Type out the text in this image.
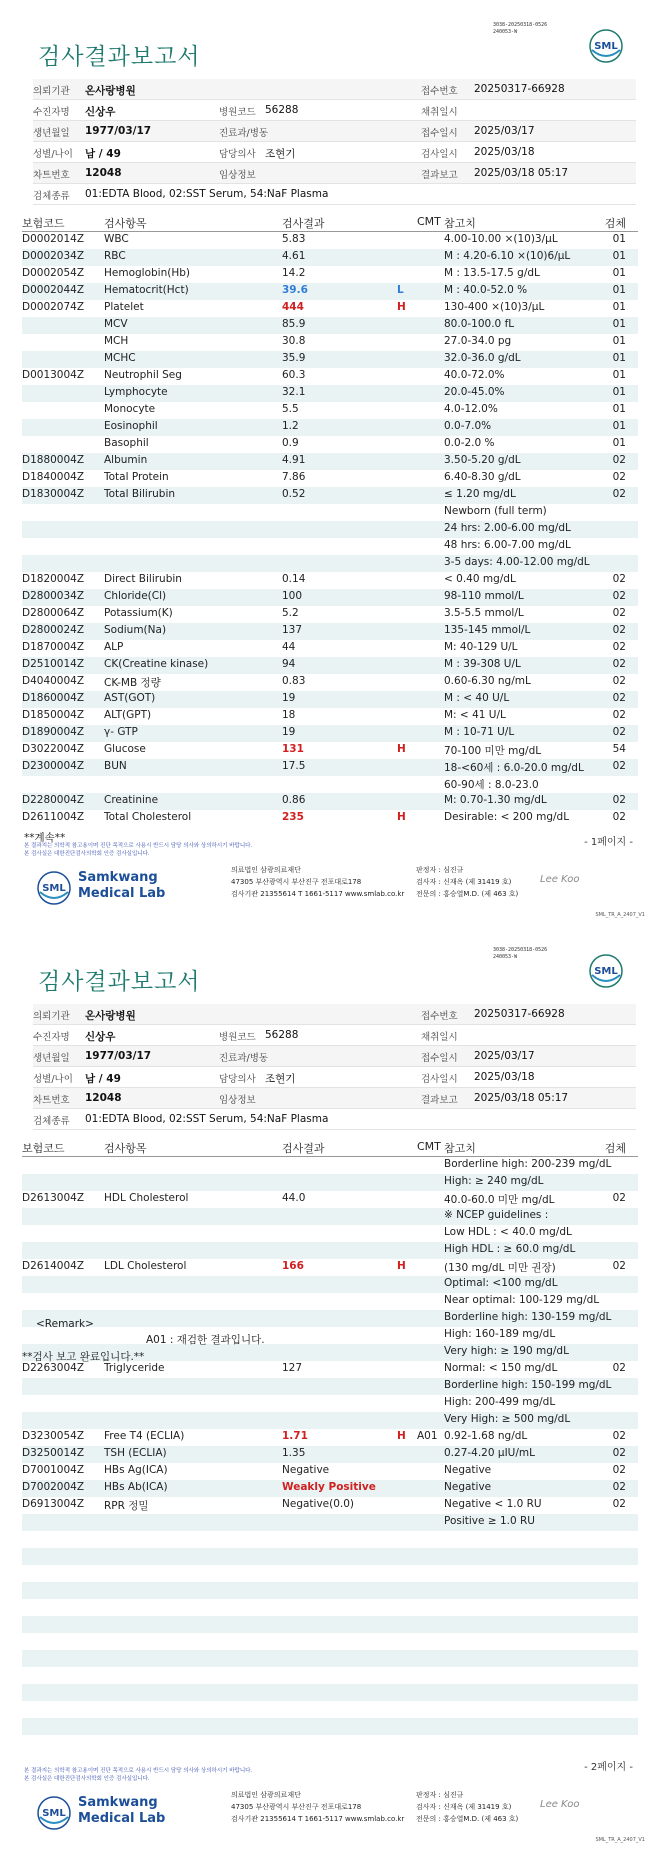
검사결과보고서
3038-20250318-0526
240053-W
SML
의뢰기관 온사랑병원	접수번호 20250317-66928
수진자명 신상우	병원코드 56288	채취일시
생년월일 1977/03/17	진료과/병동	접수일시 2025/03/17
성별/나이 남 / 49	담당의사 조현기	검사일시 2025/03/18
차트번호 12048	임상정보	결과보고 2025/03/18 05:17
검체종류 01:EDTA Blood, 02:SST Serum, 54:NaF Plasma
보험코드	검사항목	검사결과	CMT 참고치	검체
D0002014Z WBC	5.83	4.00-10.00 ×(10)3/μL	01
D0002034Z RBC	4.61	M : 4.20-6.10 ×(10)6/μL	01
D0002054Z Hemoglobin(Hb)	14.2	M : 13.5-17.5 g/dL	01
D0002044Z Hematocrit(Hct)	39.6	L	M : 40.0-52.0 %	01
D0002074Z Platelet	444	H	130-400 ×(10)3/μL	01
MCV	85.9	80.0-100.0 fL	01
MCH	30.8	27.0-34.0 pg	01
MCHC	35.9	32.0-36.0 g/dL	01
D0013004Z Neutrophil Seg	60.3	40.0-72.0%	01
Lymphocyte	32.1	20.0-45.0%	01
Monocyte	5.5	4.0-12.0%	01
Eosinophil	1.2	0.0-7.0%	01
Basophil	0.9	0.0-2.0 %	01
D1880004Z Albumin	4.91	3.50-5.20 g/dL	02
D1840004Z Total Protein	7.86	6.40-8.30 g/dL	02
D1830004Z Total Bilirubin	0.52	≤ 1.20 mg/dL	02
Newborn (full term)
24 hrs: 2.00-6.00 mg/dL
48 hrs: 6.00-7.00 mg/dL
3-5 days: 4.00-12.00 mg/dL
D1820004Z Direct Bilirubin	0.14	< 0.40 mg/dL	02
D2800034Z Chloride(Cl)	100	98-110 mmol/L	02
D2800064Z Potassium(K)	5.2	3.5-5.5 mmol/L	02
D2800024Z Sodium(Na)	137	135-145 mmol/L	02
D1870004Z ALP	44	M: 40-129 U/L	02
D2510014Z CK(Creatine kinase)	94	M : 39-308 U/L	02
D4040004Z CK-MB 정량	0.83	0.60-6.30 ng/mL	02
D1860004Z AST(GOT)	19	M : < 40 U/L	02
D1850004Z ALT(GPT)	18	M: < 41 U/L	02
D1890004Z γ- GTP	19	M : 10-71 U/L	02
D3022004Z Glucose	131	H	70-100 미만 mg/dL	54
D2300004Z BUN	17.5	18-<60세 : 6.0-20.0 mg/dL	02
60-90세 : 8.0-23.0
D2280004Z Creatinine	0.86	M: 0.70-1.30 mg/dL	02
D2611004Z Total Cholesterol	235	H	Desirable: < 200 mg/dL	02
**계속**	- 1페이지 -
본 결과지는 의학적 참고용이며 진단 목적으로 사용시 반드시 담당 의사와 상의하시기 바랍니다.
본 검사실은 대한진단검사의학회 인증 검사실입니다.
SML
Samkwang
Medical Lab
의료법인 삼광의료재단
47305 부산광역시 부산진구 전포대로178
검사기관 21355614 T 1661-5117 www.smlab.co.kr
판정자 : 심진규
검사자 : 신재옥 (제 31419 호)
전문의 : 홍승열M.D. (제 463 호)
Lee Koo
SML_TR_A_2407_V1
검사결과보고서
3038-20250318-0526
240053-W
SML
의뢰기관 온사랑병원	접수번호 20250317-66928
수진자명 신상우	병원코드 56288	채취일시
생년월일 1977/03/17	진료과/병동	접수일시 2025/03/17
성별/나이 남 / 49	담당의사 조현기	검사일시 2025/03/18
차트번호 12048	임상정보	결과보고 2025/03/18 05:17
검체종류 01:EDTA Blood, 02:SST Serum, 54:NaF Plasma
보험코드	검사항목	검사결과	CMT 참고치	검체
Borderline high: 200-239 mg/dL
High: ≥ 240 mg/dL
D2613004Z HDL Cholesterol	44.0	40.0-60.0 미만 mg/dL	02
※ NCEP guidelines :
Low HDL : < 40.0 mg/dL
High HDL : ≥ 60.0 mg/dL
D2614004Z LDL Cholesterol	166	H	(130 mg/dL 미만 권장)	02
Optimal: <100 mg/dL
Near optimal: 100-129 mg/dL
Borderline high: 130-159 mg/dL
High: 160-189 mg/dL
Very high: ≥ 190 mg/dL
D2263004Z Triglyceride	127	Normal: < 150 mg/dL	02
Borderline high: 150-199 mg/dL
High: 200-499 mg/dL
Very High: ≥ 500 mg/dL
D3230054Z Free T4 (ECLIA)	1.71	H A01 0.92-1.68 ng/dL	02
D3250014Z TSH (ECLIA)	1.35	0.27-4.20 μIU/mL	02
D7001004Z HBs Ag(ICA)	Negative	Negative	02
D7002004Z HBs Ab(ICA)	Weakly Positive	Negative	02
D6913004Z RPR 정밀	Negative(0.0)	Negative < 1.0 RU	02
Positive ≥ 1.0 RU
- 2페이지 -
본 결과지는 의학적 참고용이며 진단 목적으로 사용시 반드시 담당 의사와 상의하시기 바랍니다.
본 검사실은 대한진단검사의학회 인증 검사실입니다.
SML
Samkwang
Medical Lab
의료법인 삼광의료재단
47305 부산광역시 부산진구 전포대로178
검사기관 21355614 T 1661-5117 www.smlab.co.kr
판정자 : 심진규
검사자 : 신재옥 (제 31419 호)
전문의 : 홍승열M.D. (제 463 호)
Lee Koo
SML_TR_A_2407_V1
<Remark>
A01 : 재검한 결과입니다.
**검사 보고 완료입니다.**
